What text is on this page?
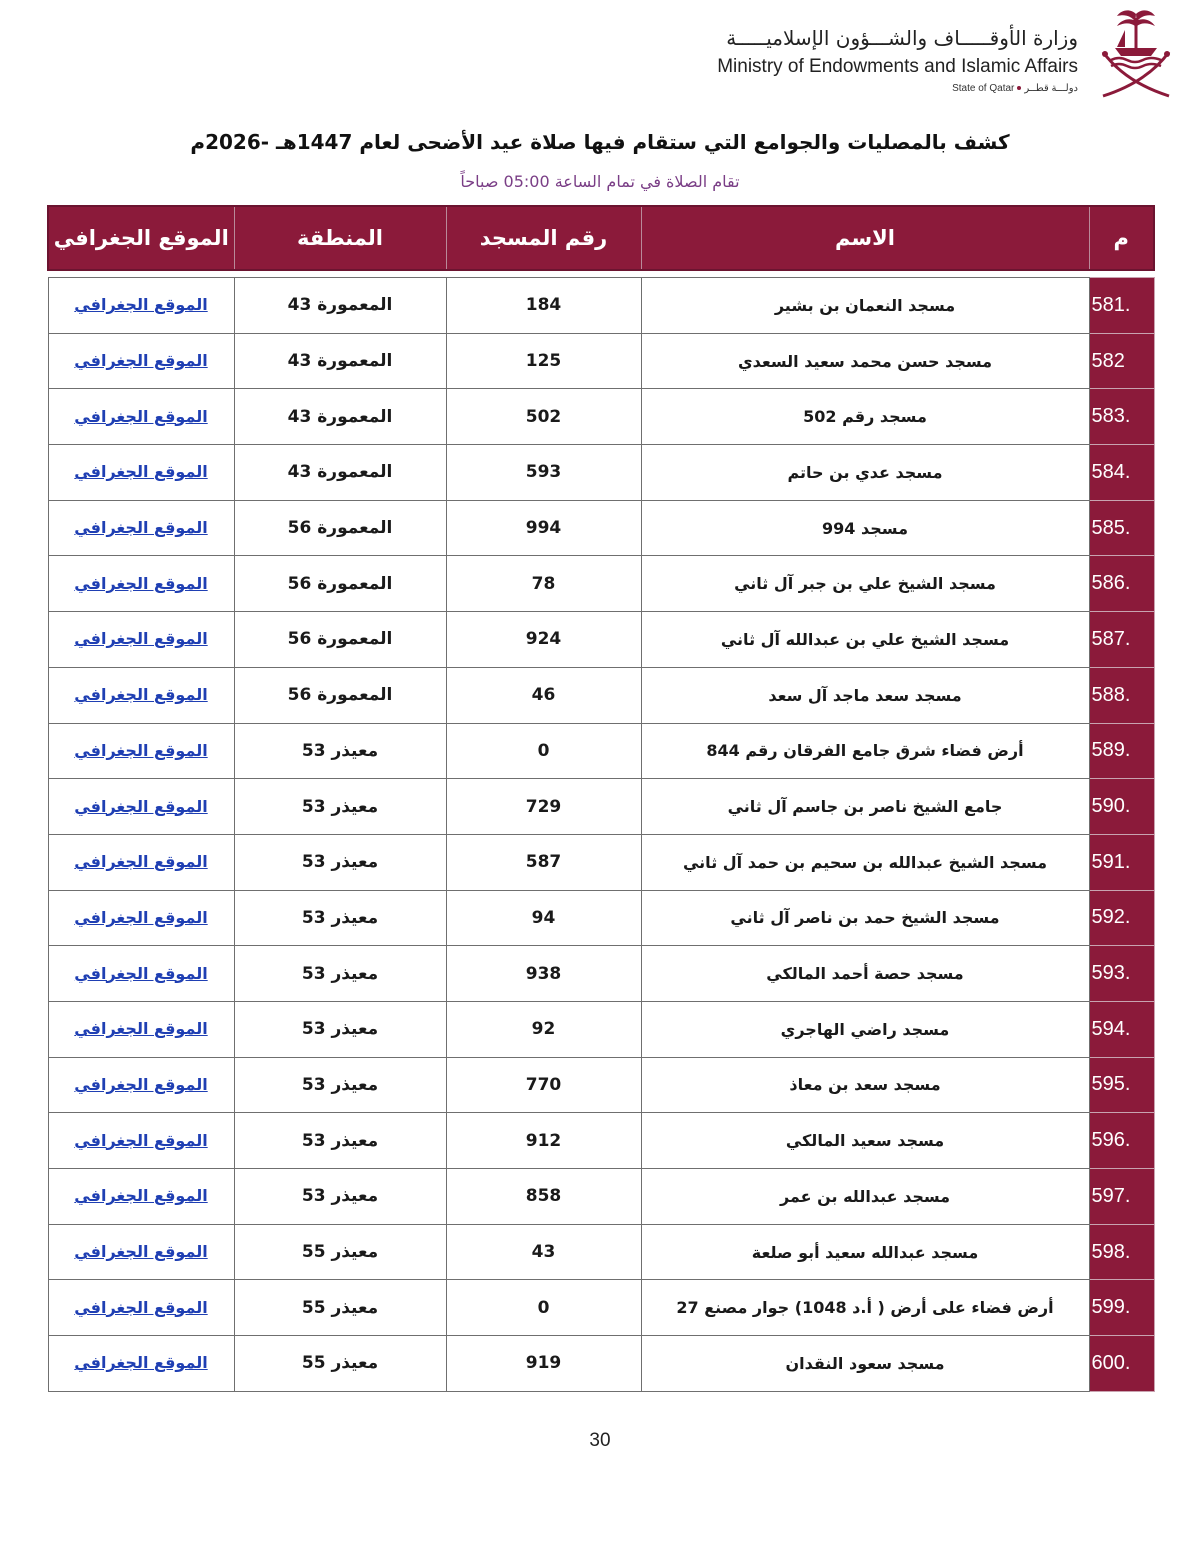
وزارة الأوقـــــاف والشـــؤون الإسلاميـــــة
Ministry of Endowments and Islamic Affairs
دولـــة قطــرState of Qatar
كشف بالمصليات والجوامع التي ستقام فيها صلاة عيد الأضحى لعام 1447هـ -2026م
تقام الصلاة في تمام الساعة 05:00 صباحاً
الموقع الجغرافي	المنطقة	رقم المسجد	الاسم	م

الموقع الجغرافي	المعمورة 43	184	مسجد النعمان بن بشير	581.
الموقع الجغرافي	المعمورة 43	125	مسجد حسن محمد سعيد السعدي	582
الموقع الجغرافي	المعمورة 43	502	مسجد رقم 502	583.
الموقع الجغرافي	المعمورة 43	593	مسجد عدي بن حاتم	584.
الموقع الجغرافي	المعمورة 56	994	مسجد 994	585.
الموقع الجغرافي	المعمورة 56	78	مسجد الشيخ علي بن جبر آل ثاني	586.
الموقع الجغرافي	المعمورة 56	924	مسجد الشيخ علي بن عبدالله آل ثاني	587.
الموقع الجغرافي	المعمورة 56	46	مسجد سعد ماجد آل سعد	588.
الموقع الجغرافي	معيذر 53	0	أرض فضاء شرق جامع الفرقان رقم 844	589.
الموقع الجغرافي	معيذر 53	729	جامع الشيخ ناصر بن جاسم آل ثاني	590.
الموقع الجغرافي	معيذر 53	587	مسجد الشيخ عبدالله بن سحيم بن حمد آل ثاني	591.
الموقع الجغرافي	معيذر 53	94	مسجد الشيخ حمد بن ناصر آل ثاني	592.
الموقع الجغرافي	معيذر 53	938	مسجد حصة أحمد المالكي	593.
الموقع الجغرافي	معيذر 53	92	مسجد راضي الهاجري	594.
الموقع الجغرافي	معيذر 53	770	مسجد سعد بن معاذ	595.
الموقع الجغرافي	معيذر 53	912	مسجد سعيد المالكي	596.
الموقع الجغرافي	معيذر 53	858	مسجد عبدالله بن عمر	597.
الموقع الجغرافي	معيذر 55	43	مسجد عبدالله سعيد أبو صلعة	598.
الموقع الجغرافي	معيذر 55	0	أرض فضاء على أرض ( أ.د 1048) جوار مصنع 27	599.
الموقع الجغرافي	معيذر 55	919	مسجد سعود النقدان	600.
30
